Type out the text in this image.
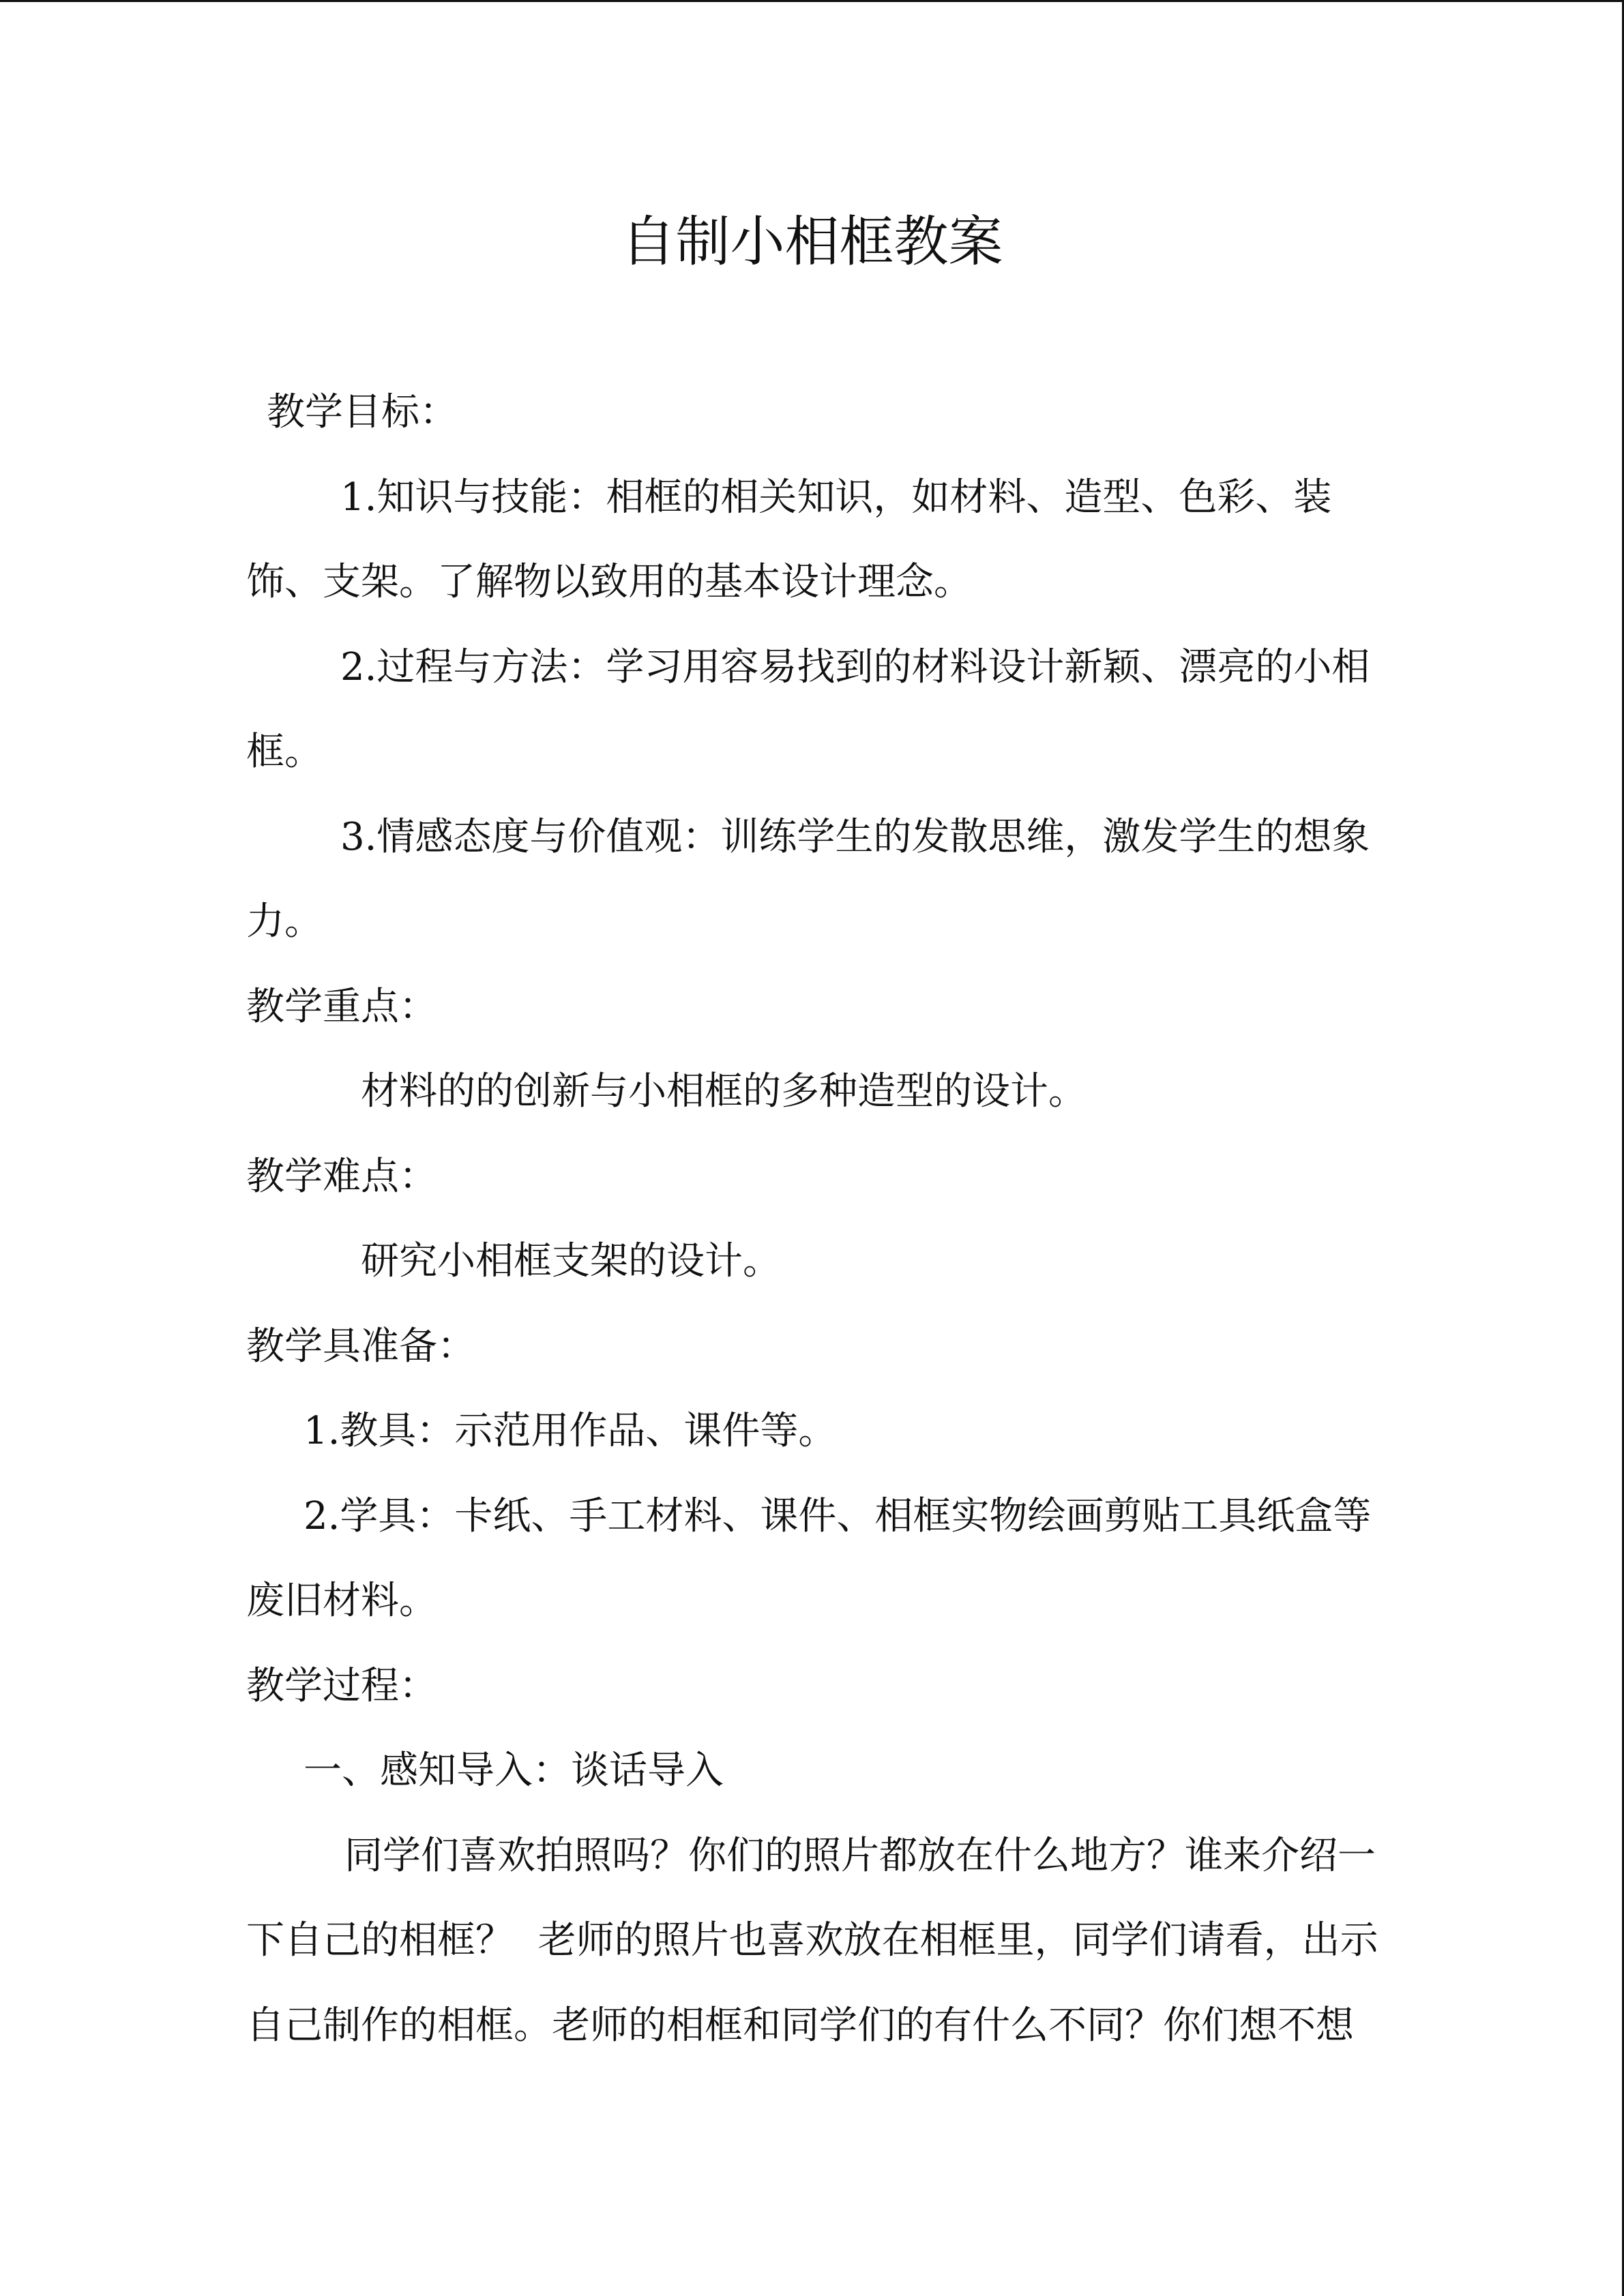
自制小相框教案
教学目标：
1.知识与技能：相框的相关知识，如材料、造型、色彩、装
饰、支架。了解物以致用的基本设计理念。
2.过程与方法：学习用容易找到的材料设计新颖、漂亮的小相
框。
3.情感态度与价值观：训练学生的发散思维，激发学生的想象
力。
教学重点：
材料的的创新与小相框的多种造型的设计。
教学难点：
研究小相框支架的设计。
教学具准备：
1.教具：示范用作品、课件等。
2.学具：卡纸、手工材料、课件、相框实物绘画剪贴工具纸盒等
废旧材料。
教学过程：
一、感知导入：谈话导入
同学们喜欢拍照吗？你们的照片都放在什么地方？谁来介绍一
下自己的相框？  老师的照片也喜欢放在相框里，同学们请看，出示
自己制作的相框。老师的相框和同学们的有什么不同？你们想不想
